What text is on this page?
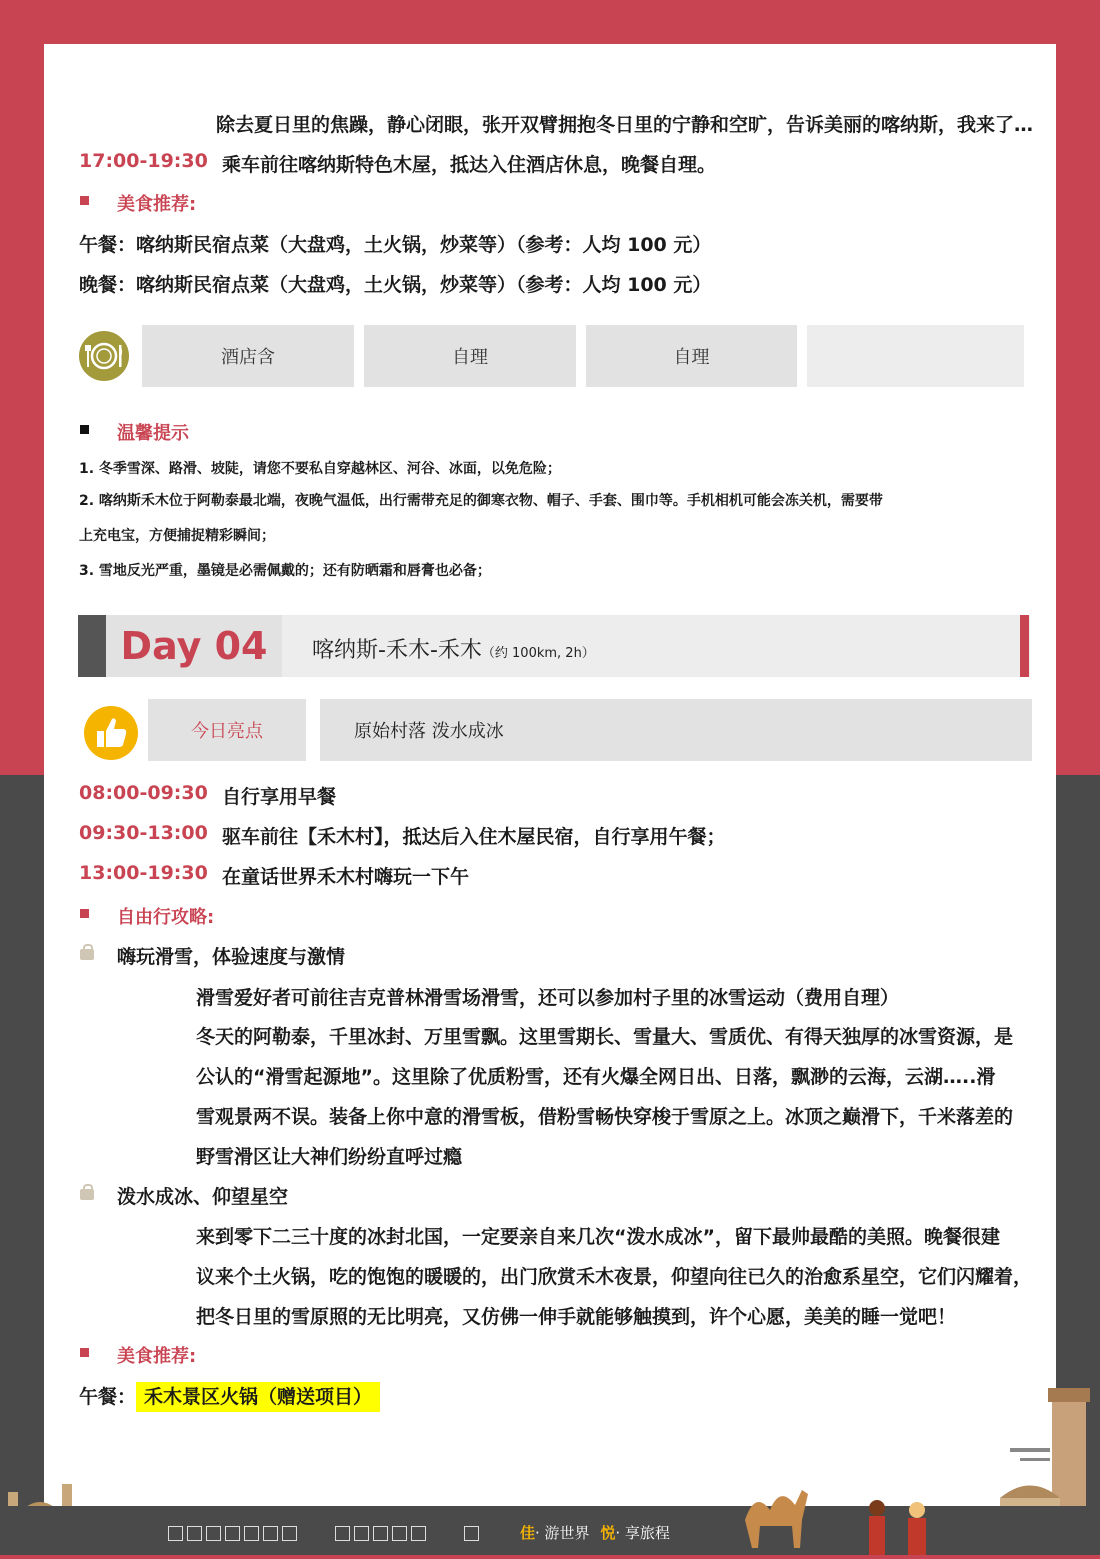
除去夏日里的焦躁，静心闭眼，张开双臂拥抱冬日里的宁静和空旷，告诉美丽的喀纳斯，我来了…
17:00-19:30 乘车前往喀纳斯特色木屋，抵达入住酒店休息，晚餐自理。
美食推荐:
午餐：喀纳斯民宿点菜（大盘鸡，土火锅，炒菜等）（参考：人均 100 元）
晚餐：喀纳斯民宿点菜（大盘鸡，土火锅，炒菜等）（参考：人均 100 元）
酒店含	自理	自理
温馨提示
1. 冬季雪深、路滑、坡陡，请您不要私自穿越林区、河谷、冰面，以免危险；
2. 喀纳斯禾木位于阿勒泰最北端，夜晚气温低，出行需带充足的御寒衣物、帽子、手套、围巾等。手机相机可能会冻关机，需要带
上充电宝，方便捕捉精彩瞬间；
3. 雪地反光严重，墨镜是必需佩戴的；还有防晒霜和唇膏也必备；
Day 04	喀纳斯-禾木-禾木（约 100km, 2h）
今日亮点	原始村落 泼水成冰
08:00-09:30 自行享用早餐
09:30-13:00 驱车前往【禾木村】，抵达后入住木屋民宿，自行享用午餐；
13:00-19:30 在童话世界禾木村嗨玩一下午
自由行攻略:
嗨玩滑雪，体验速度与激情
滑雪爱好者可前往吉克普林滑雪场滑雪，还可以参加村子里的冰雪运动（费用自理）
冬天的阿勒泰，千里冰封、万里雪飘。这里雪期长、雪量大、雪质优、有得天独厚的冰雪资源，是
公认的“滑雪起源地”。这里除了优质粉雪，还有火爆全网日出、日落，飘渺的云海，云湖…..滑
雪观景两不误。装备上你中意的滑雪板，借粉雪畅快穿梭于雪原之上。冰顶之巅滑下，千米落差的
野雪滑区让大神们纷纷直呼过瘾
泼水成冰、仰望星空
来到零下二三十度的冰封北国，一定要亲自来几次“泼水成冰”，留下最帅最酷的美照。晚餐很建
议来个土火锅，吃的饱饱的暖暖的，出门欣赏禾木夜景，仰望向往已久的治愈系星空，它们闪耀着，
把冬日里的雪原照的无比明亮，又仿佛一伸手就能够触摸到，许个心愿，美美的睡一觉吧！
美食推荐:
午餐： 禾木景区火锅（赠送项目）

佳· 游世界 悦· 享旅程
